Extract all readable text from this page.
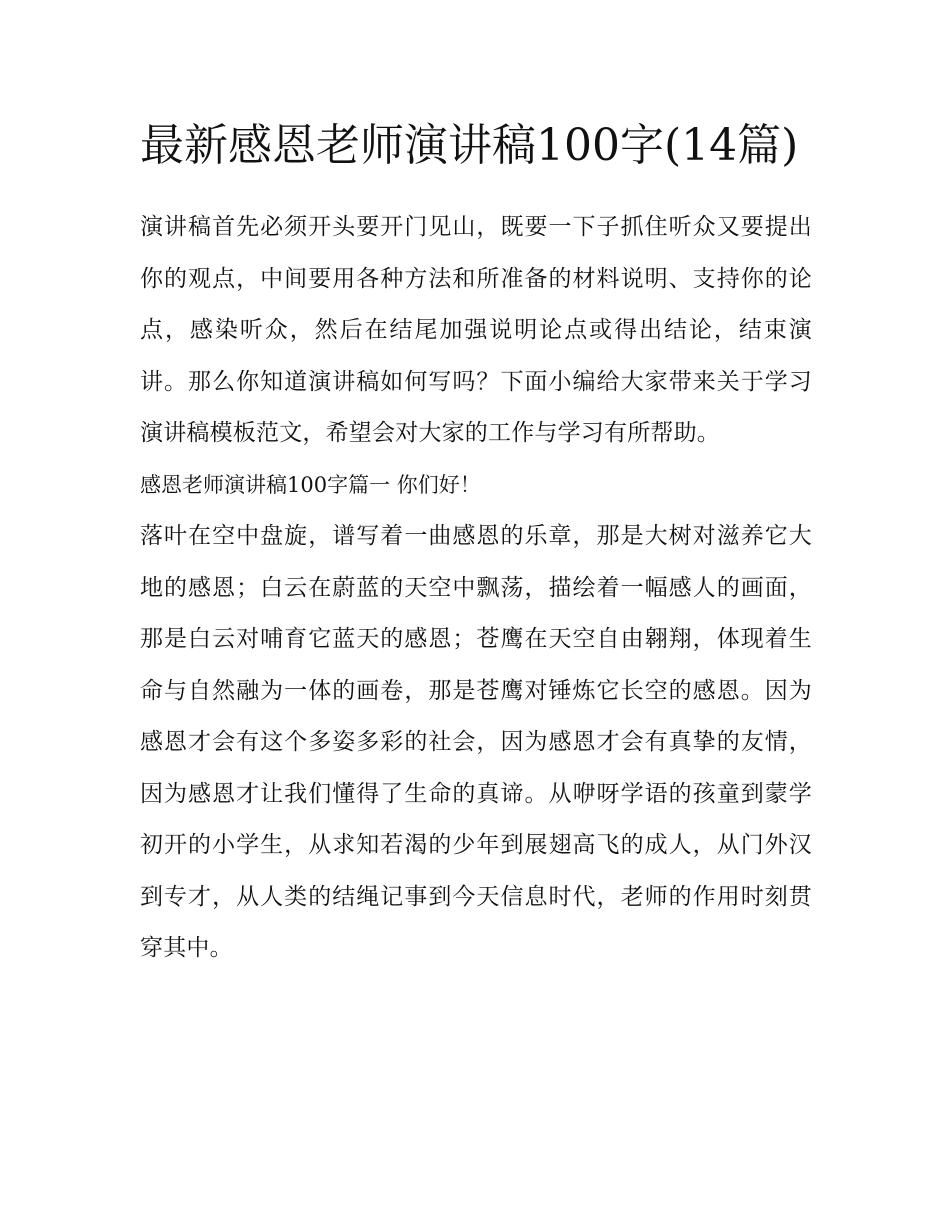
最新感恩老师演讲稿100字(14篇)

演讲稿首先必须开头要开门见山，既要一下子抓住听众又要提出你的观点，中间要用各种方法和所准备的材料说明、支持你的论点，感染听众，然后在结尾加强说明论点或得出结论，结束演讲。那么你知道演讲稿如何写吗？下面小编给大家带来关于学习演讲稿模板范文，希望会对大家的工作与学习有所帮助。

感恩老师演讲稿100字篇一 你们好！

落叶在空中盘旋，谱写着一曲感恩的乐章，那是大树对滋养它大地的感恩；白云在蔚蓝的天空中飘荡，描绘着一幅感人的画面，那是白云对哺育它蓝天的感恩；苍鹰在天空自由翱翔，体现着生命与自然融为一体的画卷，那是苍鹰对锤炼它长空的感恩。因为感恩才会有这个多姿多彩的社会，因为感恩才会有真挚的友情，因为感恩才让我们懂得了生命的真谛。从咿呀学语的孩童到蒙学初开的小学生，从求知若渴的少年到展翅高飞的成人，从门外汉到专才，从人类的结绳记事到今天信息时代，老师的作用时刻贯穿其中。
